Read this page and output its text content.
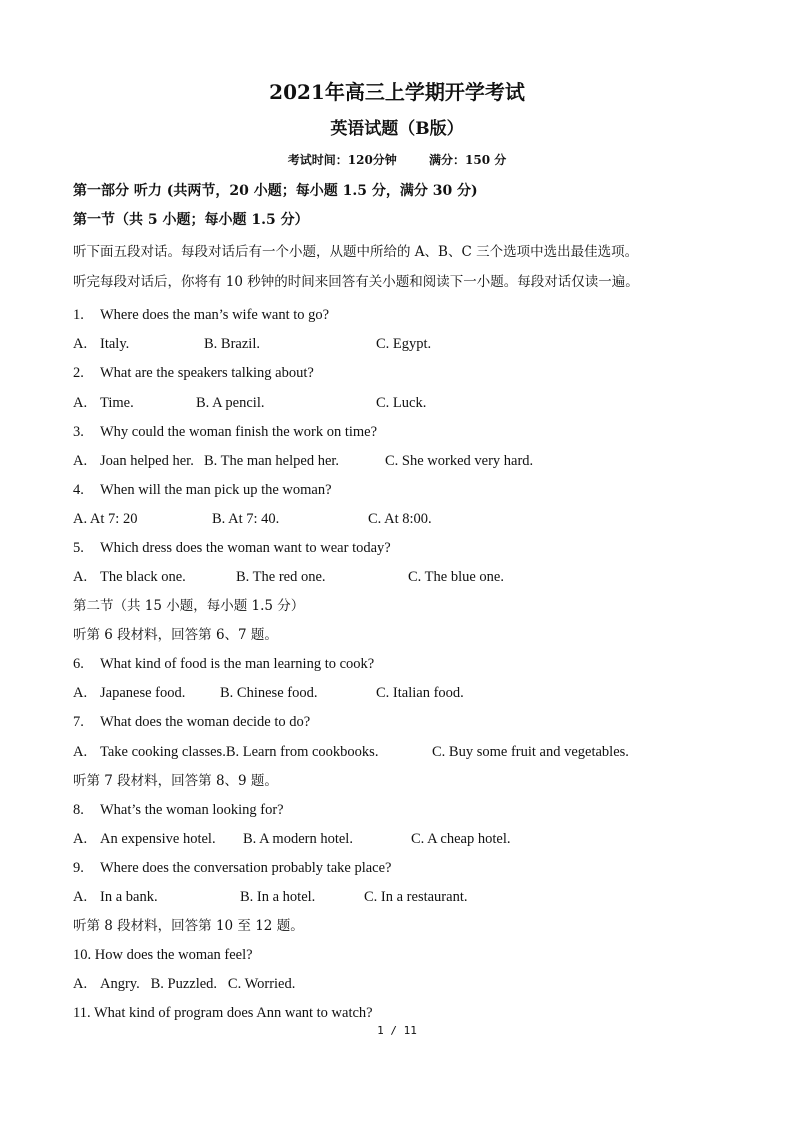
2021年高三上学期开学考试
英语试题（B版）
考试时间：120分钟	满分：150 分
第一部分 听力 (共两节，20 小题；每小题 1.5 分，满分 30 分)
第一节（共 5 小题；每小题 1.5 分）
听下面五段对话。每段对话后有一个小题，从题中所给的 A、B、C 三个选项中选出最佳选项。
听完每段对话后，你将有 10 秒钟的时间来回答有关小题和阅读下一小题。每段对话仅读一遍。
1. Where does the man’s wife want to go?
A. Italy.	B. Brazil.	C. Egypt.
2. What are the speakers talking about?
A. Time.	B. A pencil.	C. Luck.
3. Why could the woman finish the work on time?
A. Joan helped her. B. The man helped her.	C. She worked very hard.
4. When will the man pick up the woman?
A. At 7: 20	B. At 7: 40.	C. At 8:00.
5. Which dress does the woman want to wear today?
A. The black one.	B. The red one.	C. The blue one.
第二节（共 15 小题，每小题 1.5 分）
听第 6 段材料，回答第 6、7 题。
6. What kind of food is the man learning to cook?
A. Japanese food. B. Chinese food.	C. Italian food.
7. What does the woman decide to do?
A. Take cooking classes.B. Learn from cookbooks.	C. Buy some fruit and vegetables.
听第 7 段材料，回答第 8、9 题。
8. What’s the woman looking for?
A. An expensive hotel. B. A modern hotel.	C. A cheap hotel.
9. Where does the conversation probably take place?
A. In a bank.	B. In a hotel.	C. In a restaurant.
听第 8 段材料，回答第 10 至 12 题。
10. How does the woman feel?
A. Angry.   B. Puzzled.   C. Worried.
11. What kind of program does Ann want to watch?
1 / 11
